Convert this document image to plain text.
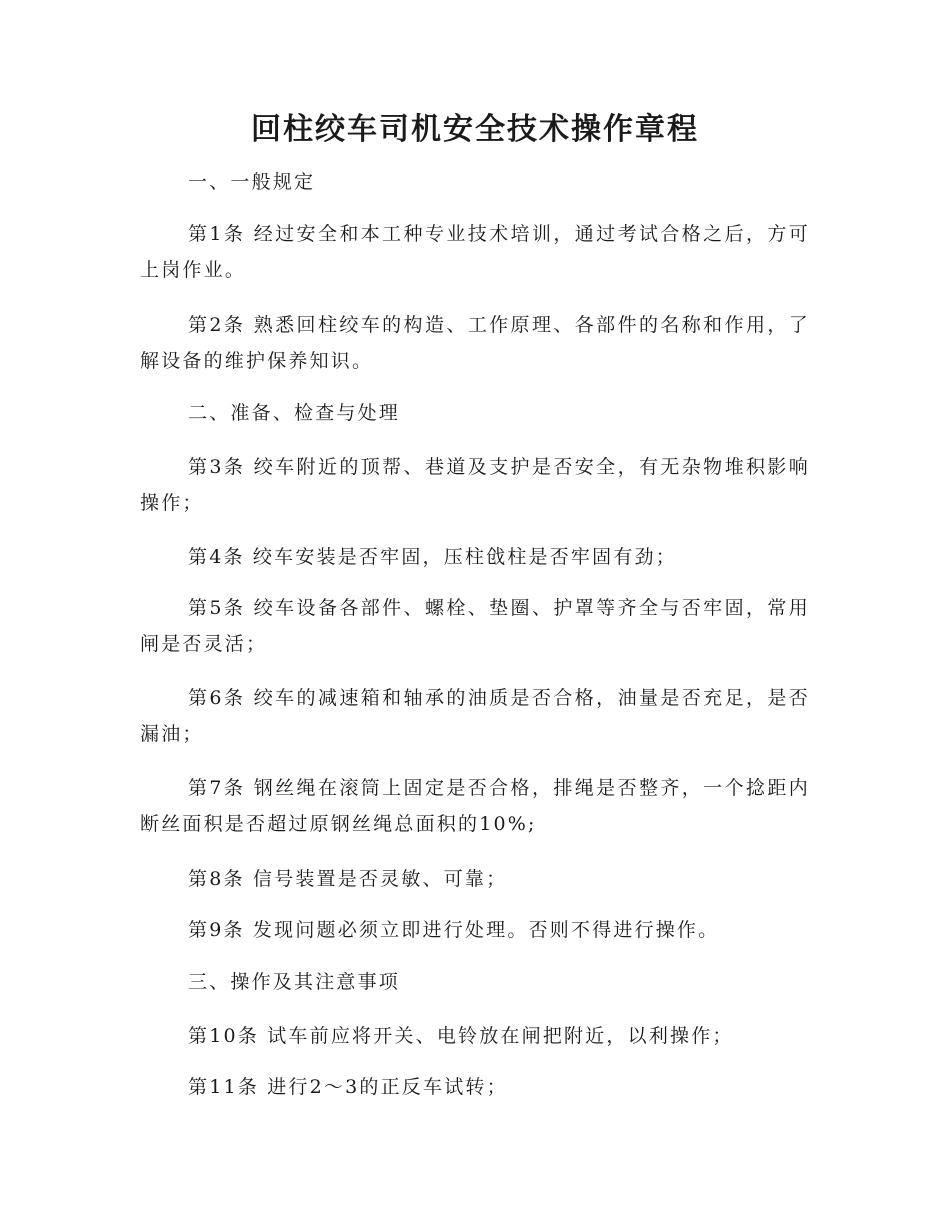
回柱绞车司机安全技术操作章程

一、一般规定

第1条 经过安全和本工种专业技术培训，通过考试合格之后，方可上岗作业。

第2条 熟悉回柱绞车的构造、工作原理、各部件的名称和作用，了解设备的维护保养知识。

二、准备、检查与处理

第3条 绞车附近的顶帮、巷道及支护是否安全，有无杂物堆积影响操作；

第4条 绞车安装是否牢固，压柱戗柱是否牢固有劲；

第5条 绞车设备各部件、螺栓、垫圈、护罩等齐全与否牢固，常用闸是否灵活；

第6条 绞车的减速箱和轴承的油质是否合格，油量是否充足，是否漏油；

第7条 钢丝绳在滚筒上固定是否合格，排绳是否整齐，一个捻距内断丝面积是否超过原钢丝绳总面积的10%;

第8条 信号装置是否灵敏、可靠；

第9条 发现问题必须立即进行处理。否则不得进行操作。

三、操作及其注意事项

第10条 试车前应将开关、电铃放在闸把附近，以利操作；

第11条 进行2～3的正反车试转；
